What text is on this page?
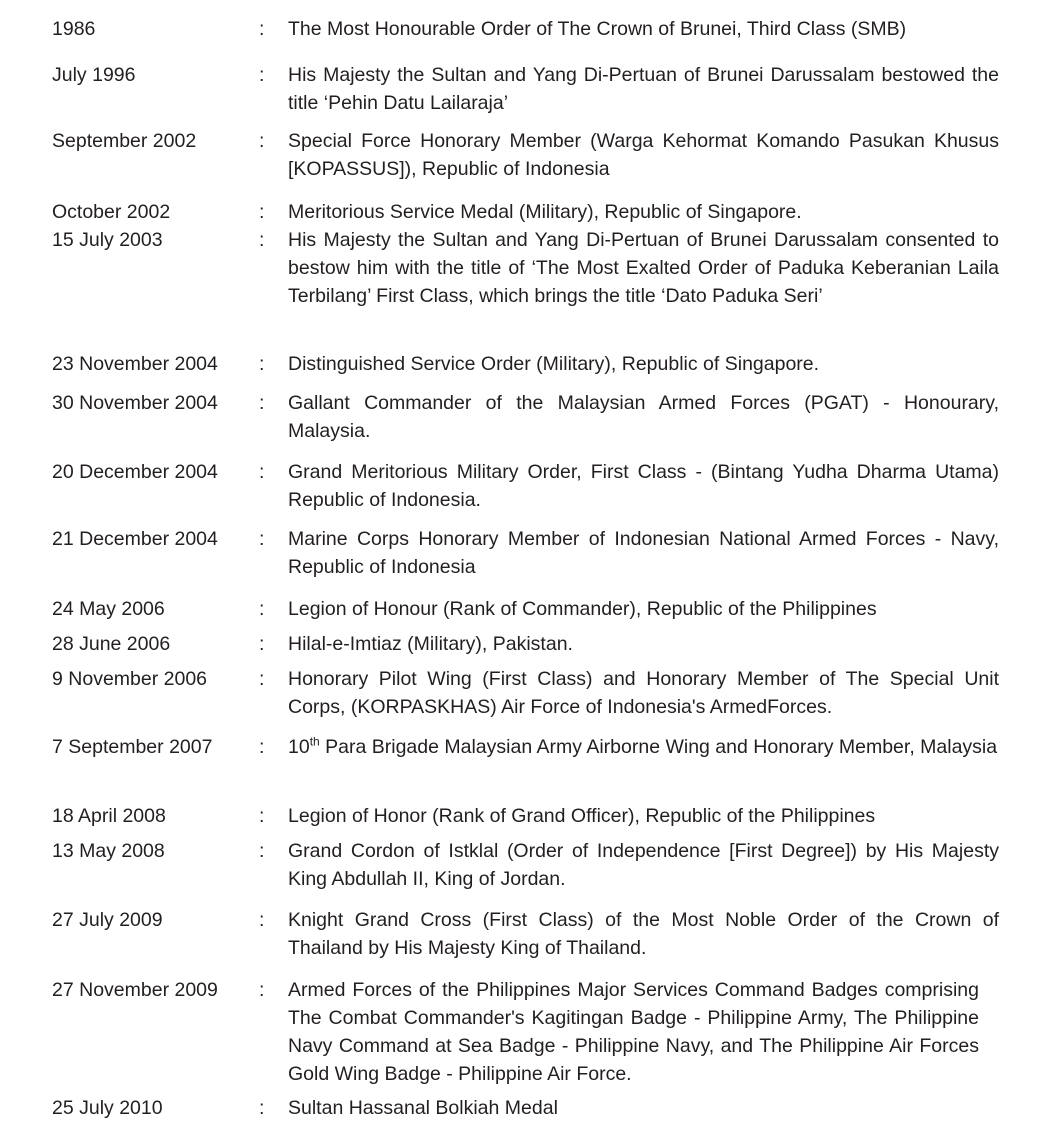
1986	: The Most Honourable Order of The Crown of Brunei, Third Class (SMB)
July 1996	: His Majesty the Sultan and Yang Di-Pertuan of Brunei Darussalam bestowed the title ‘Pehin Datu Lailaraja’
September 2002	: Special Force Honorary Member (Warga Kehormat Komando Pasukan Khusus [KOPASSUS]), Republic of Indonesia
October 2002	: Meritorious Service Medal (Military), Republic of Singapore.
15 July 2003	: His Majesty the Sultan and Yang Di-Pertuan of Brunei Darussalam consented to bestow him with the title of ‘The Most Exalted Order of Paduka Keberanian Laila Terbilang’ First Class, which brings the title ‘Dato Paduka Seri’
23 November 2004 : Distinguished Service Order (Military), Republic of Singapore.
30 November 2004 : Gallant Commander of the Malaysian Armed Forces (PGAT) - Honourary, Malaysia.
20 December 2004 : Grand Meritorious Military Order, First Class - (Bintang Yudha Dharma Utama) Republic of Indonesia.
21 December 2004 : Marine Corps Honorary Member of Indonesian National Armed Forces - Navy, Republic of Indonesia
24 May 2006	: Legion of Honour (Rank of Commander), Republic of the Philippines
28 June 2006	: Hilal-e-Imtiaz (Military), Pakistan.
9 November 2006	: Honorary Pilot Wing (First Class) and Honorary Member of The Special Unit Corps, (KORPASKHAS) Air Force of Indonesia's ArmedForces.
7 September 2007 : 10th Para Brigade Malaysian Army Airborne Wing and Honorary Member, Malaysia
18 April 2008	: Legion of Honor (Rank of Grand Officer), Republic of the Philippines
13 May 2008	: Grand Cordon of Istklal (Order of Independence [First Degree]) by His Majesty King Abdullah II, King of Jordan.
27 July 2009	: Knight Grand Cross (First Class) of the Most Noble Order of the Crown of Thailand by His Majesty King of Thailand.
27 November 2009 : Armed Forces of the Philippines Major Services Command Badges comprising The Combat Commander's Kagitingan Badge - Philippine Army, The Philippine Navy Command at Sea Badge - Philippine Navy, and The Philippine Air Forces Gold Wing Badge - Philippine Air Force.
25 July 2010	: Sultan Hassanal Bolkiah Medal
